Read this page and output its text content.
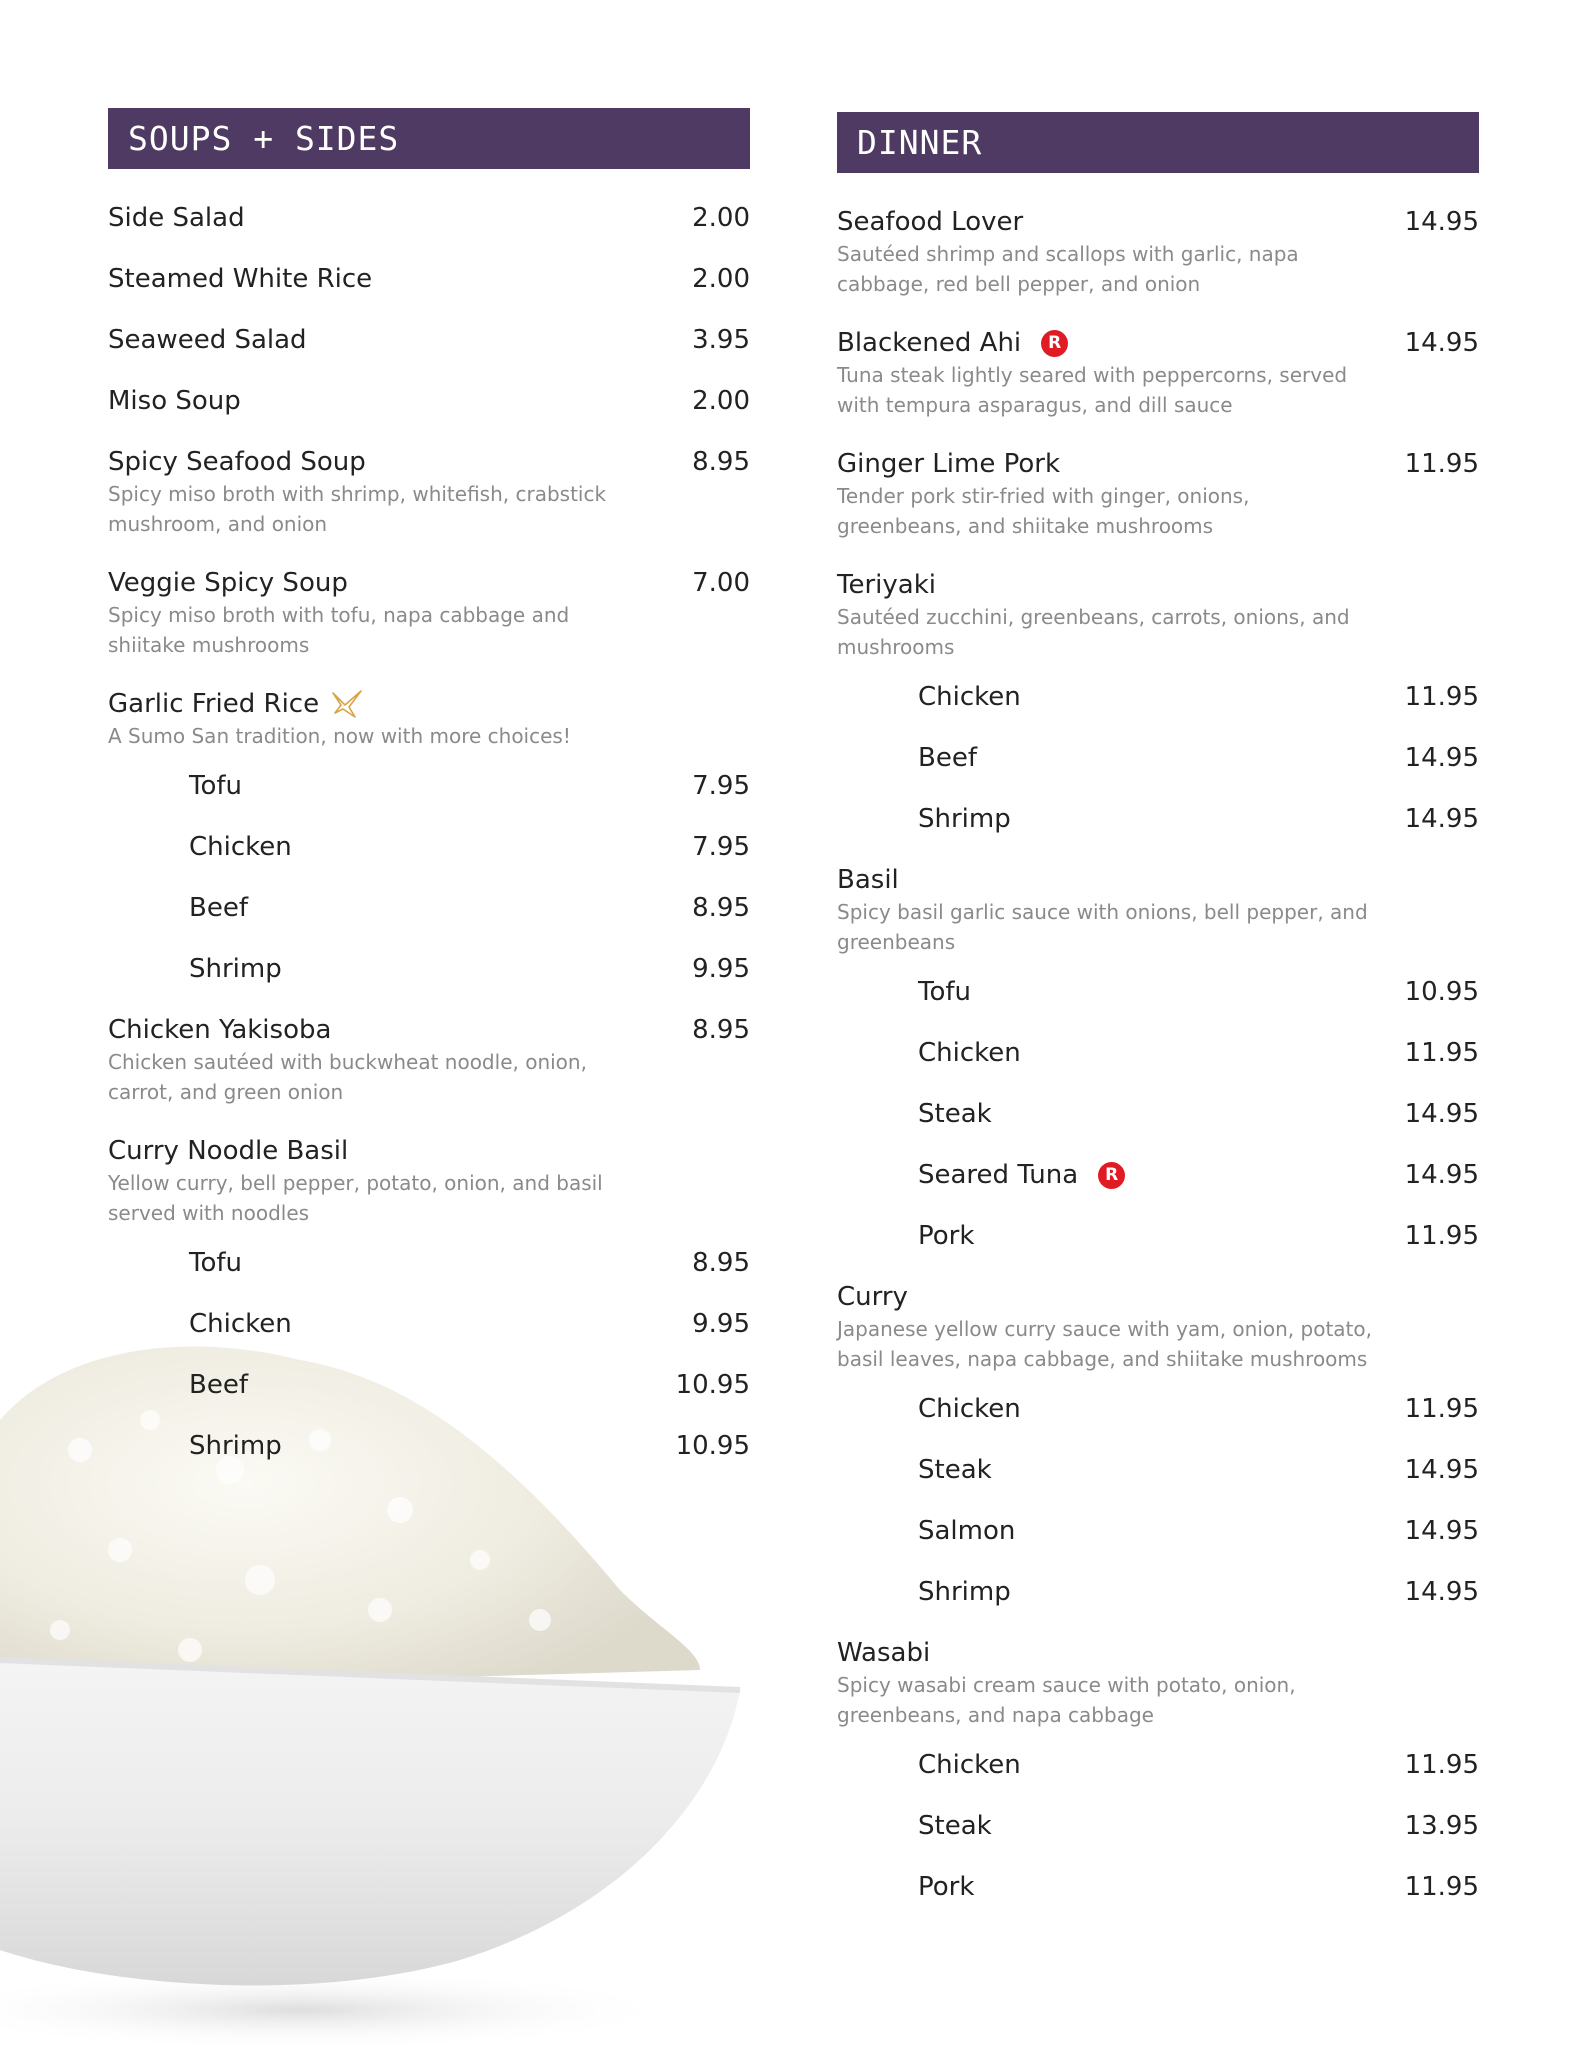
SOUPS + SIDES
Side Salad	2.00
Steamed White Rice	2.00
Seaweed Salad	3.95
Miso Soup	2.00
Spicy Seafood Soup	8.95
Spicy miso broth with shrimp, whitefish, crabstick mushroom, and onion
Veggie Spicy Soup	7.00
Spicy miso broth with tofu, napa cabbage and shiitake mushrooms
Garlic Fried Rice
A Sumo San tradition, now with more choices!
Tofu	7.95
Chicken	7.95
Beef	8.95
Shrimp	9.95
Chicken Yakisoba	8.95
Chicken sautéed with buckwheat noodle, onion, carrot, and green onion
Curry Noodle Basil
Yellow curry, bell pepper, potato, onion, and basil served with noodles
Tofu	8.95
Chicken	9.95
Beef	10.95
Shrimp	10.95
DINNER
Seafood Lover	14.95
Sautéed shrimp and scallops with garlic, napa cabbage, red bell pepper, and onion
Blackened Ahi	R	14.95
Tuna steak lightly seared with peppercorns, served with tempura asparagus, and dill sauce
Ginger Lime Pork	11.95
Tender pork stir-fried with ginger, onions, greenbeans, and shiitake mushrooms
Teriyaki
Sautéed zucchini, greenbeans, carrots, onions, and mushrooms
Chicken	11.95
Beef	14.95
Shrimp	14.95
Basil
Spicy basil garlic sauce with onions, bell pepper, and greenbeans
Tofu	10.95
Chicken	11.95
Steak	14.95
Seared Tuna	R	14.95
Pork	11.95
Curry
Japanese yellow curry sauce with yam, onion, potato, basil leaves, napa cabbage, and shiitake mushrooms
Chicken	11.95
Steak	14.95
Salmon	14.95
Shrimp	14.95
Wasabi
Spicy wasabi cream sauce with potato, onion, greenbeans, and napa cabbage
Chicken	11.95
Steak	13.95
Pork	11.95
